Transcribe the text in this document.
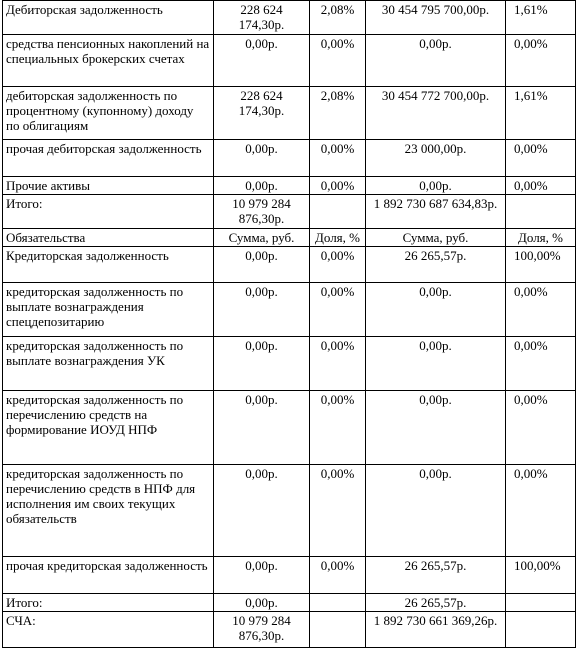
Дебиторская задолженность	228 624 174,30р.	2,08%	30 454 795 700,00р.	1,61%
средства пенсионных накоплений на специальных брокерских счетах	0,00р.	0,00%	0,00р.	0,00%
дебиторская задолженность по процентному (купонному) доходу по облигациям	228 624 174,30р.	2,08%	30 454 772 700,00р.	1,61%
прочая дебиторская задолженность	0,00р.	0,00%	23 000,00р.	0,00%
Прочие активы	0,00р.	0,00%	0,00р.	0,00%
Итого:	10 979 284 876,30р.		1 892 730 687 634,83р.	
Обязательства	Сумма, руб.	Доля, %	Сумма, руб.	Доля, %
Кредиторская задолженность	0,00р.	0,00%	26 265,57р.	100,00%
кредиторская задолженность по выплате вознаграждения спецдепозитарию	0,00р.	0,00%	0,00р.	0,00%
кредиторская задолженность по выплате вознаграждения УК	0,00р.	0,00%	0,00р.	0,00%
кредиторская задолженность по перечислению средств на формирование ИОУД НПФ	0,00р.	0,00%	0,00р.	0,00%
кредиторская задолженность по перечислению средств в НПФ для исполнения им своих текущих обязательств	0,00р.	0,00%	0,00р.	0,00%
прочая кредиторская задолженность	0,00р.	0,00%	26 265,57р.	100,00%
Итого:	0,00р.		26 265,57р.	
СЧА:	10 979 284 876,30р.		1 892 730 661 369,26р.	
